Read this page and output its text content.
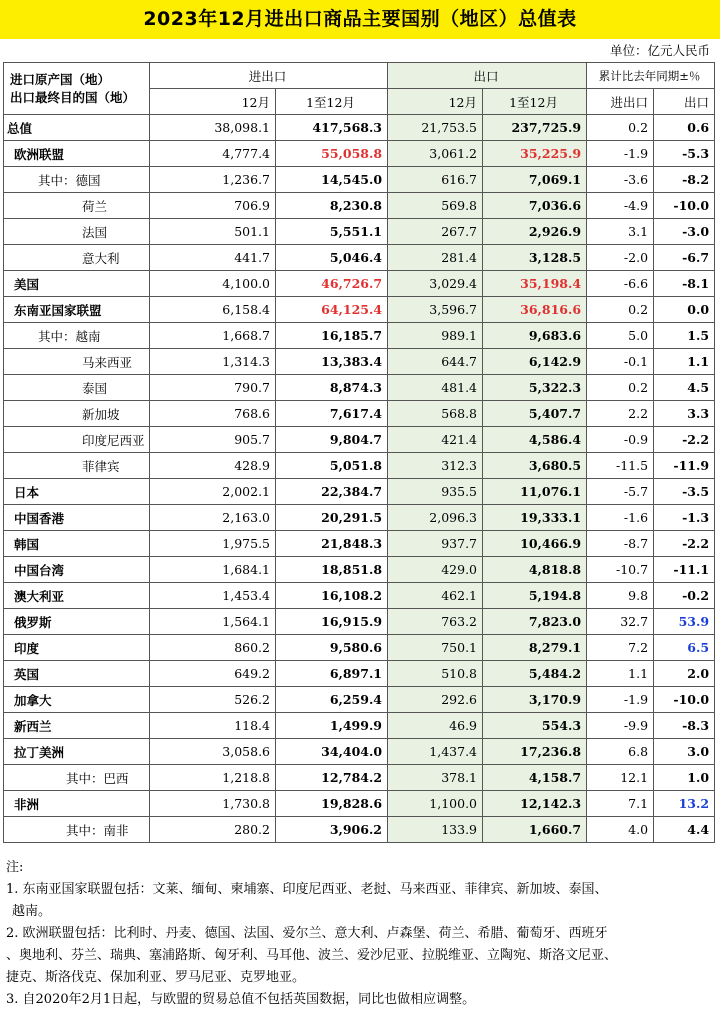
2023年12月进出口商品主要国别（地区）总值表
单位：亿元人民币
进口原产国（地）
出口最终目的国（地）	进出口		出口		累计比去年同期±％	
	12月	1至12月	12月	1至12月	进出口	出口
总值	38,098.1	417,568.3	21,753.5	237,725.9	0.2	0.6
欧洲联盟	4,777.4	55,058.8	3,061.2	35,225.9	-1.9	-5.3
其中：德国	1,236.7	14,545.0	616.7	7,069.1	-3.6	-8.2
荷兰	706.9	8,230.8	569.8	7,036.6	-4.9	-10.0
法国	501.1	5,551.1	267.7	2,926.9	3.1	-3.0
意大利	441.7	5,046.4	281.4	3,128.5	-2.0	-6.7
美国	4,100.0	46,726.7	3,029.4	35,198.4	-6.6	-8.1
东南亚国家联盟	6,158.4	64,125.4	3,596.7	36,816.6	0.2	0.0
其中：越南	1,668.7	16,185.7	989.1	9,683.6	5.0	1.5
马来西亚	1,314.3	13,383.4	644.7	6,142.9	-0.1	1.1
泰国	790.7	8,874.3	481.4	5,322.3	0.2	4.5
新加坡	768.6	7,617.4	568.8	5,407.7	2.2	3.3
印度尼西亚	905.7	9,804.7	421.4	4,586.4	-0.9	-2.2
菲律宾	428.9	5,051.8	312.3	3,680.5	-11.5	-11.9
日本	2,002.1	22,384.7	935.5	11,076.1	-5.7	-3.5
中国香港	2,163.0	20,291.5	2,096.3	19,333.1	-1.6	-1.3
韩国	1,975.5	21,848.3	937.7	10,466.9	-8.7	-2.2
中国台湾	1,684.1	18,851.8	429.0	4,818.8	-10.7	-11.1
澳大利亚	1,453.4	16,108.2	462.1	5,194.8	9.8	-0.2
俄罗斯	1,564.1	16,915.9	763.2	7,823.0	32.7	53.9
印度	860.2	9,580.6	750.1	8,279.1	7.2	6.5
英国	649.2	6,897.1	510.8	5,484.2	1.1	2.0
加拿大	526.2	6,259.4	292.6	3,170.9	-1.9	-10.0
新西兰	118.4	1,499.9	46.9	554.3	-9.9	-8.3
拉丁美洲	3,058.6	34,404.0	1,437.4	17,236.8	6.8	3.0
其中：巴西	1,218.8	12,784.2	378.1	4,158.7	12.1	1.0
非洲	1,730.8	19,828.6	1,100.0	12,142.3	7.1	13.2
其中：南非	280.2	3,906.2	133.9	1,660.7	4.0	4.4
注:
1. 东南亚国家联盟包括：文莱、缅甸、柬埔寨、印度尼西亚、老挝、马来西亚、菲律宾、新加坡、泰国、
越南。
2. 欧洲联盟包括：比利时、丹麦、德国、法国、爱尔兰、意大利、卢森堡、荷兰、希腊、葡萄牙、西班牙
、奥地利、芬兰、瑞典、塞浦路斯、匈牙利、马耳他、波兰、爱沙尼亚、拉脱维亚、立陶宛、斯洛文尼亚、
捷克、斯洛伐克、保加利亚、罗马尼亚、克罗地亚。
3. 自2020年2月1日起，与欧盟的贸易总值不包括英国数据，同比也做相应调整。
